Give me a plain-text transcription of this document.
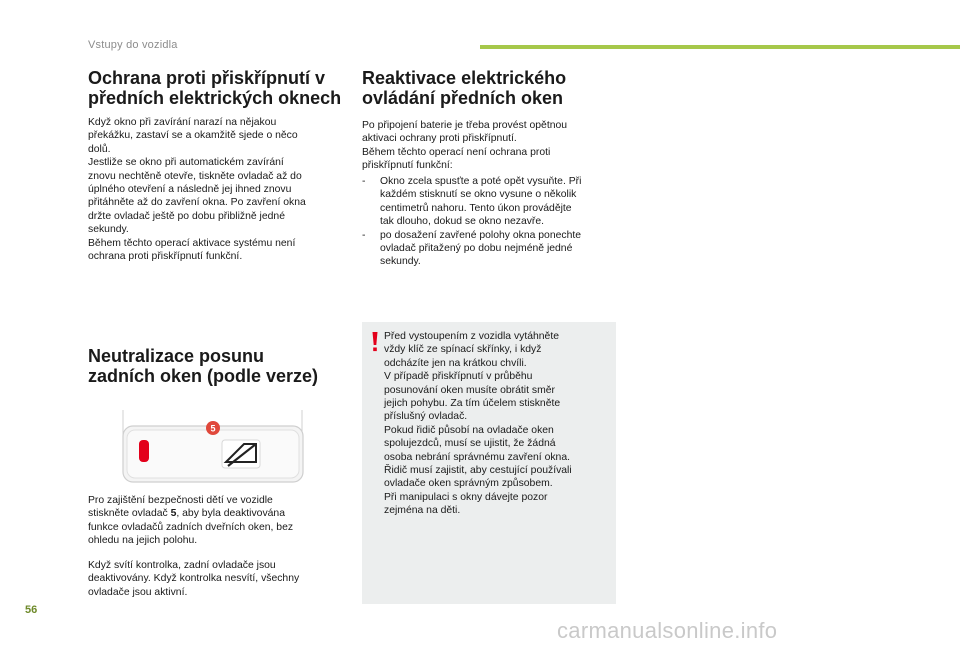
Vstupy do vozidla
Ochrana proti přiskřípnutí v
předních elektrických oknech

Když okno při zavírání narazí na nějakou
překážku, zastaví se a okamžitě sjede o něco
dolů.
Jestliže se okno při automatickém zavírání
znovu nechtěně otevře, tiskněte ovladač až do
úplného otevření a následně jej ihned znovu
přitáhněte až do zavření okna. Po zavření okna
držte ovladač ještě po dobu přibližně jedné
sekundy.
Během těchto operací aktivace systému není
ochrana proti přiskřípnutí funkční.

Neutralizace posunu
zadních oken (podle verze)
5

Pro zajištění bezpečnosti dětí ve vozidle
stiskněte ovladač 5, aby byla deaktivována
funkce ovladačů zadních dveřních oken, bez
ohledu na jejich polohu.

Když svítí kontrolka, zadní ovladače jsou
deaktivovány. Když kontrolka nesvítí, všechny
ovladače jsou aktivní.

Reaktivace elektrického
ovládání předních oken

Po připojení baterie je třeba provést opětnou
aktivaci ochrany proti přiskřípnutí.
Během těchto operací není ochrana proti
přiskřípnutí funkční:

- Okno zcela spusťte a poté opět vysuňte. Při
každém stisknutí se okno vysune o několik
centimetrů nahoru. Tento úkon provádějte
tak dlouho, dokud se okno nezavře.
- po dosažení zavřené polohy okna ponechte
ovladač přitažený po dobu nejméně jedné
sekundy.
Před vystoupením z vozidla vytáhněte
vždy klíč ze spínací skřínky, i když
odcházíte jen na krátkou chvíli.
V případě přiskřípnutí v průběhu
posunování oken musíte obrátit směr
jejich pohybu. Za tím účelem stiskněte
příslušný ovladač.
Pokud řidič působí na ovladače oken
spolujezdců, musí se ujistit, že žádná
osoba nebrání správnému zavření okna.
Řidič musí zajistit, aby cestující používali
ovladače oken správným způsobem.
Při manipulaci s okny dávejte pozor
zejména na děti.
56
carmanualsonline.info
